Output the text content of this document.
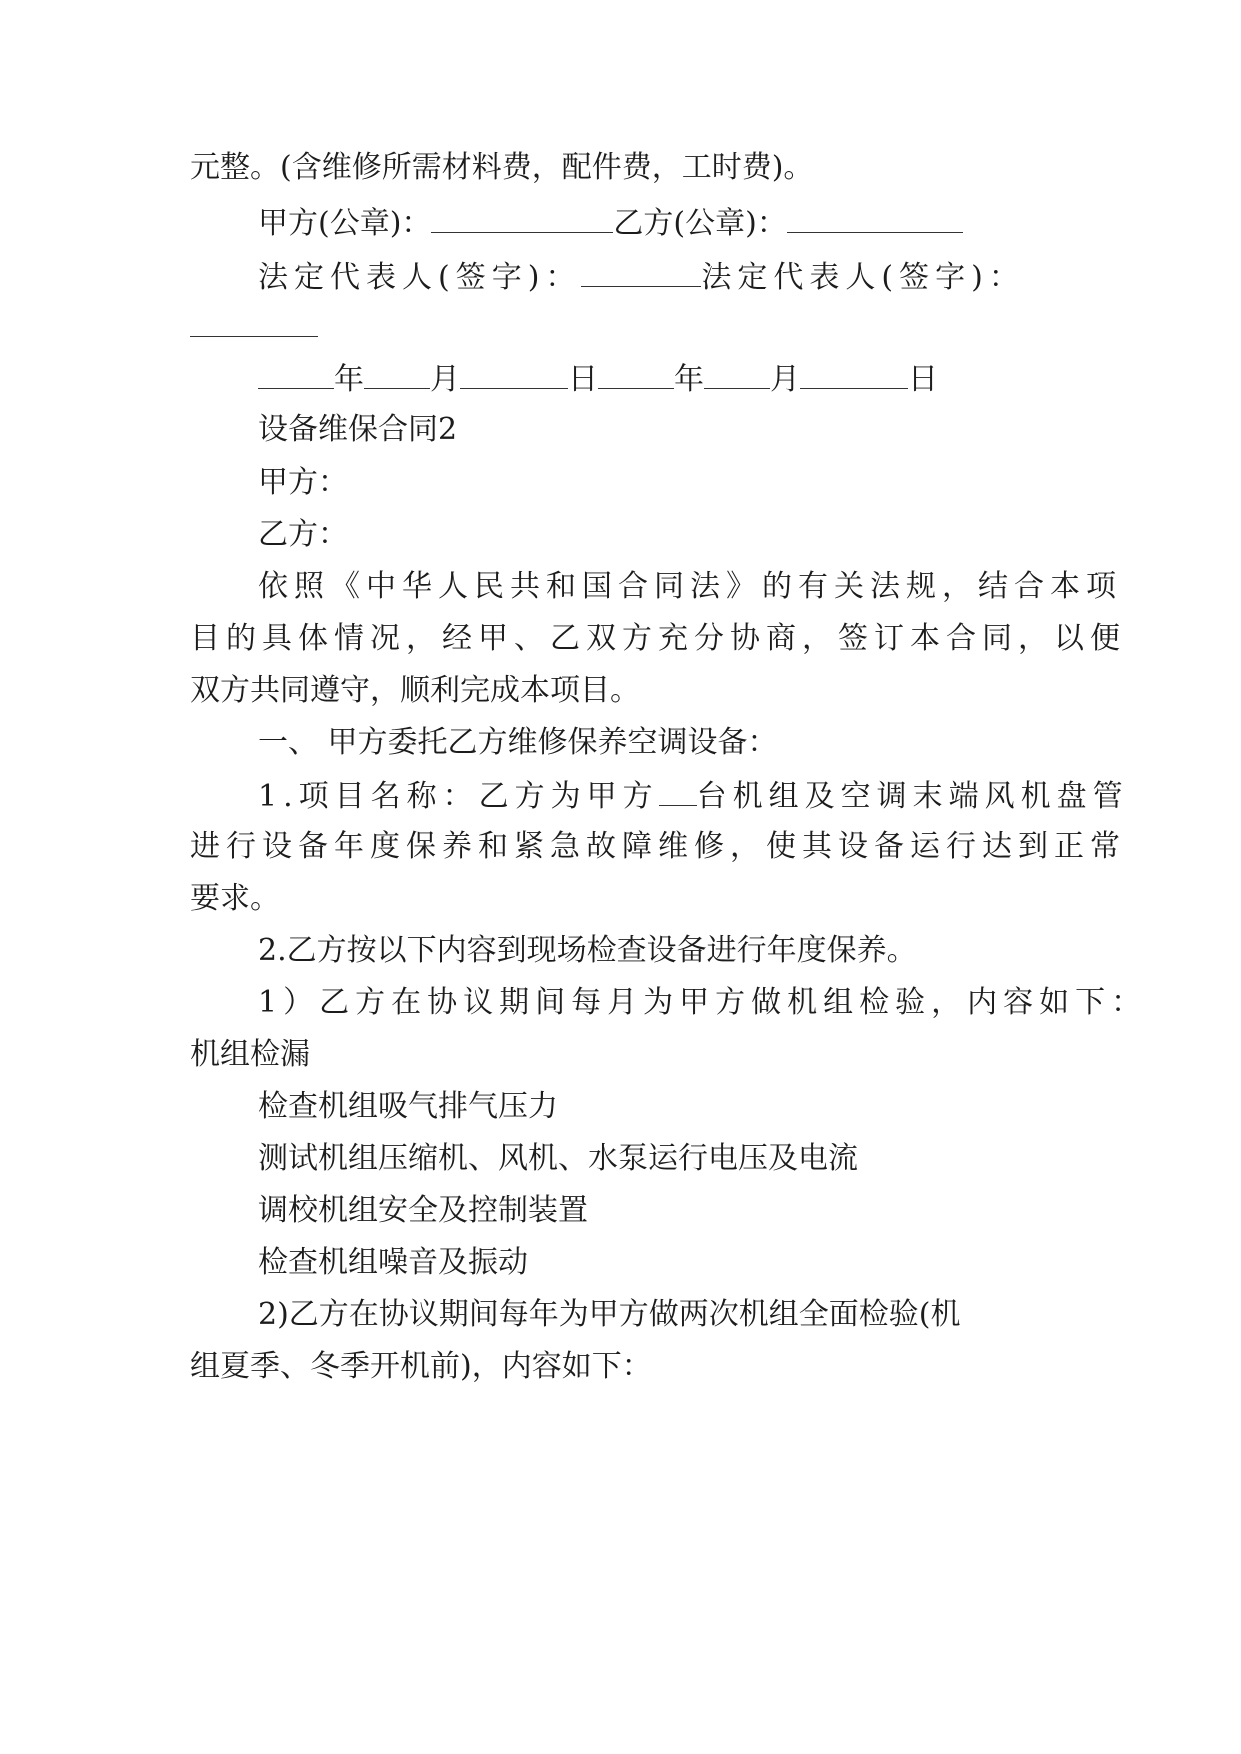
元整。(含维修所需材料费，配件费，工时费)。
甲方(公章)：	乙方(公章)：
法定代表人(签字)：	法定代表人(签字)：
年 月	日	年 月	日
设备维保合同2
甲方：
乙方：
依照《中华人民共和国合同法》的有关法规，结合本项
目的具体情况，经甲、乙双方充分协商，签订本合同，以便
双方共同遵守，顺利完成本项目。
一、 甲方委托乙方维修保养空调设备：
1.项目名称：乙方为甲方 台机组及空调末端风机盘管
进行设备年度保养和紧急故障维修，使其设备运行达到正常
要求。
2.乙方按以下内容到现场检查设备进行年度保养。
1）乙方在协议期间每月为甲方做机组检验，内容如下：
机组检漏
检查机组吸气排气压力
测试机组压缩机、风机、水泵运行电压及电流
调校机组安全及控制装置
检查机组噪音及振动
2)乙方在协议期间每年为甲方做两次机组全面检验(机
组夏季、冬季开机前)，内容如下：
